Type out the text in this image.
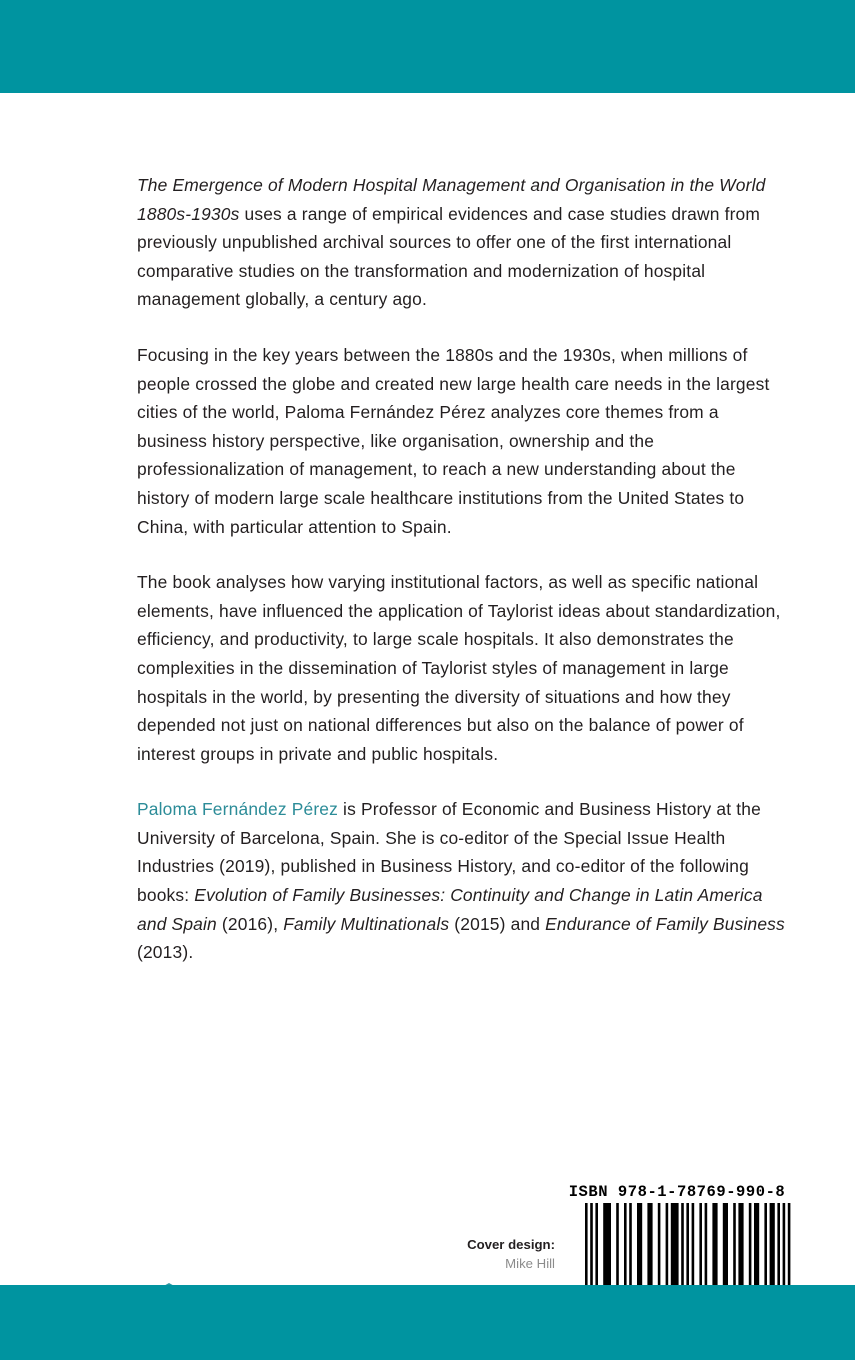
The Emergence of Modern Hospital Management and Organisation in the World 1880s-1930s uses a range of empirical evidences and case studies drawn from previously unpublished archival sources to offer one of the first international comparative studies on the transformation and modernization of hospital management globally, a century ago.

Focusing in the key years between the 1880s and the 1930s, when millions of people crossed the globe and created new large health care needs in the largest cities of the world, Paloma Fernández Pérez analyzes core themes from a business history perspective, like organisation, ownership and the professionalization of management, to reach a new understanding about the history of modern large scale healthcare institutions from the United States to China, with particular attention to Spain.

The book analyses how varying institutional factors, as well as specific national elements, have influenced the application of Taylorist ideas about standardization, efficiency, and productivity, to large scale hospitals. It also demonstrates the complexities in the dissemination of Taylorist styles of management in large hospitals in the world, by presenting the diversity of situations and how they depended not just on national differences but also on the balance of power of interest groups in private and public hospitals.

Paloma Fernández Pérez is Professor of Economic and Business History at the University of Barcelona, Spain. She is co-editor of the Special Issue Health Industries (2019), published in Business History, and co-editor of the following books: Evolution of Family Businesses: Continuity and Change in Latin America and Spain (2016), Family Multinationals (2015) and Endurance of Family Business (2013).

Cover design:
Mike Hill
ISBN 978-1-78769-990-8
